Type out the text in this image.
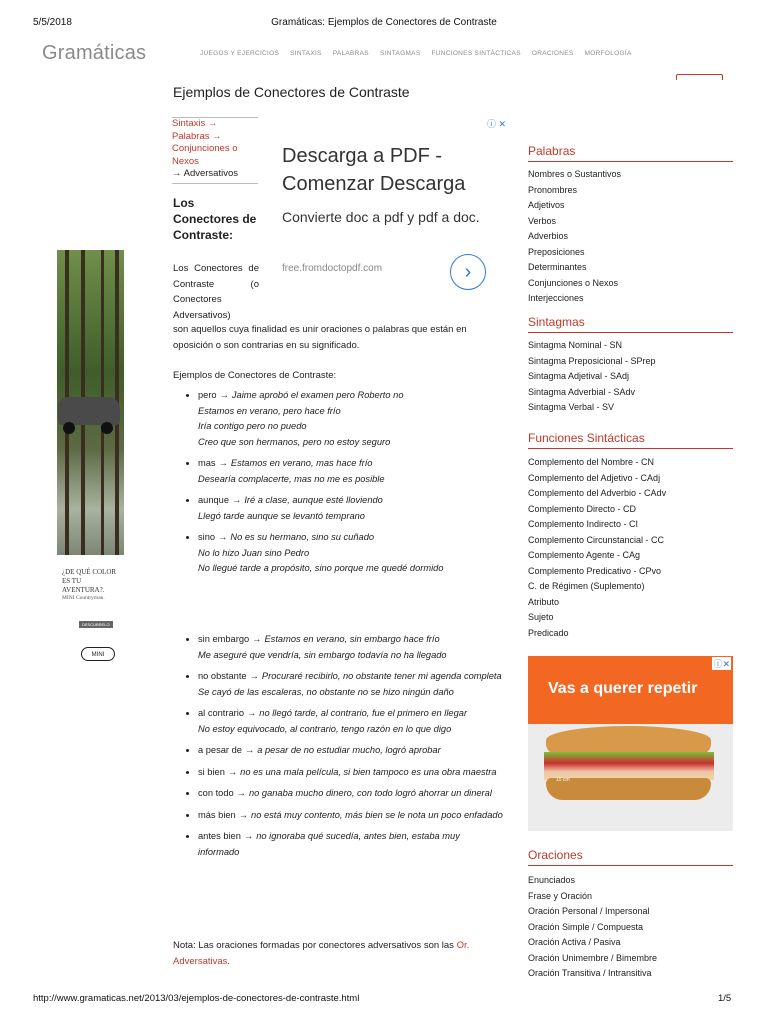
5/5/2018	Gramáticas: Ejemplos de Conectores de Contraste
Gramáticas	JUEGOS Y EJERCICIOS SINTAXIS PALABRAS SINTAGMAS FUNCIONES SINTÁCTICAS ORACIONES MORFOLOGÍA
Ejemplos de Conectores de Contraste
Sintaxis →
Palabras →
Conjunciones o Nexos
→ Adversativos
ⓘ ✕
Descarga a PDF - Comenzar Descarga
Convierte doc a pdf y pdf a doc.
free.fromdoctopdf.com	›
Los Conectores de Contraste:
Los Conectores de Contraste (o Conectores Adversativos)
son aquellos cuya finalidad es unir oraciones o palabras que están en oposición o son contrarias en su significado.
Ejemplos de Conectores de Contraste:
• pero → Jaime aprobó el examen pero Roberto no
Estamos en verano, pero hace frío
Iría contigo pero no puedo
Creo que son hermanos, pero no estoy seguro
• mas → Estamos en verano, mas hace frío
Desearía complacerte, mas no me es posible
• aunque → Iré a clase, aunque esté lloviendo
Llegó tarde aunque se levantó temprano
• sino → No es su hermano, sino su cuñado
No lo hizo Juan sino Pedro
No llegué tarde a propósito, sino porque me quedé dormido
• sin embargo → Estamos en verano, sin embargo hace frío
Me aseguré que vendría, sin embargo todavía no ha llegado
• no obstante → Procuraré recibirlo, no obstante tener mi agenda completa
Se cayó de las escaleras, no obstante no se hizo ningún daño
• al contrario → no llegó tarde, al contrario, fue el primero en llegar
No estoy equivocado, al contrario, tengo razón en lo que digo
• a pesar de → a pesar de no estudiar mucho, logró aprobar
• si bien → no es una mala película, si bien tampoco es una obra maestra
• con todo → no ganaba mucho dinero, con todo logró ahorrar un dineral
• más bien → no está muy contento, más bien se le nota un poco enfadado
• antes bien → no ignoraba qué sucedía, antes bien, estaba muy informado
Nota: Las oraciones formadas por conectores adversativos son las Or. Adversativas.
¿DE QUÉ COLOR
ES TU AVENTURA?.
MINI Countryman.
DESCUBRELO
MINI
Palabras
Nombres o Sustantivos
Pronombres
Adjetivos
Verbos
Adverbios
Preposiciones
Determinantes
Conjunciones o Nexos
Interjecciones
Sintagmas
Sintagma Nominal - SN
Sintagma Preposicional - SPrep
Sintagma Adjetival - SAdj
Sintagma Adverbial - SAdv
Sintagma Verbal - SV
Funciones Sintácticas
Complemento del Nombre - CN
Complemento del Adjetivo - CAdj
Complemento del Adverbio - CAdv
Complemento Directo - CD
Complemento Indirecto - CI
Complemento Circunstancial - CC
Complemento Agente - CAg
Complemento Predicativo - CPvo
C. de Régimen (Suplemento)
Atributo
Sujeto
Predicado
Vas a querer repetir
15 cm
ⓘ✕
Oraciones
Enunciados
Frase y Oración
Oración Personal / Impersonal
Oración Simple / Compuesta
Oración Activa / Pasiva
Oración Unimembre / Bimembre
Oración Transitiva / Intransitiva
http://www.gramaticas.net/2013/03/ejemplos-de-conectores-de-contraste.html	1/5
